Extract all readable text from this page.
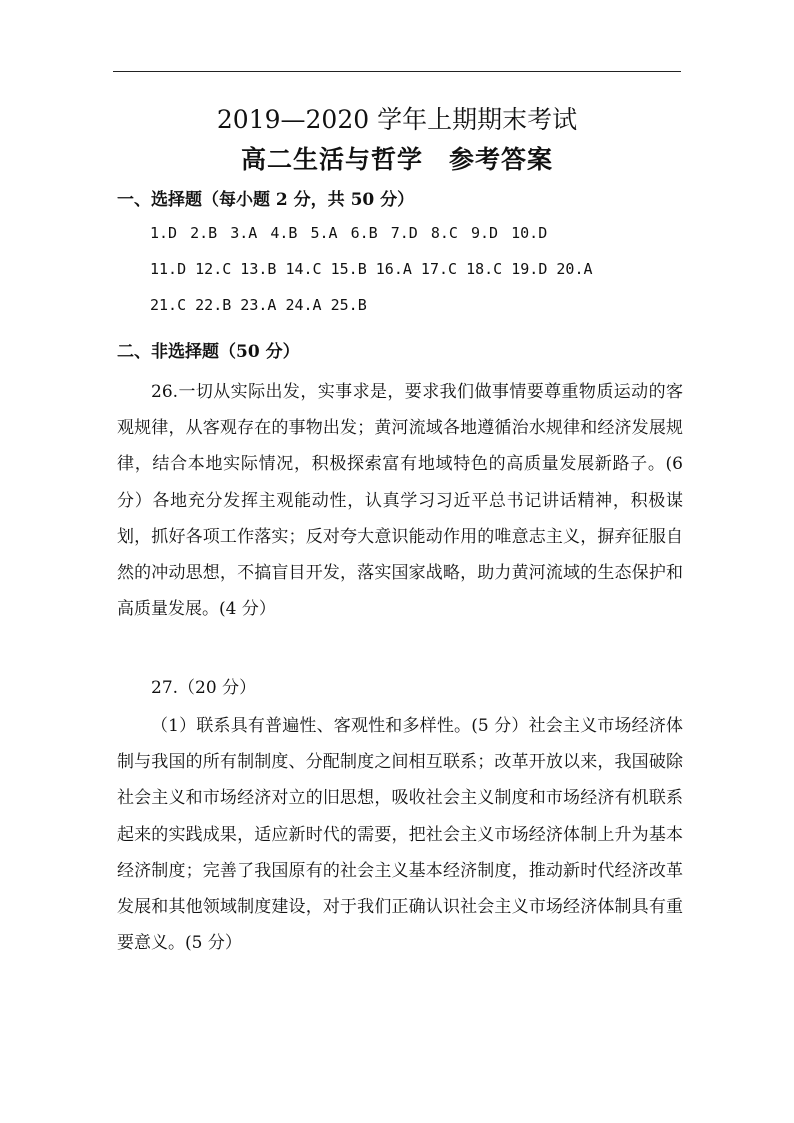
2019—2020 学年上期期末考试
高二生活与哲学　参考答案
一、选择题（每小题 2 分，共 50 分）
1.D 2.B 3.A 4.B 5.A 6.B 7.D 8.C 9.D 10.D
11.D 12.C 13.B 14.C 15.B 16.A 17.C 18.C 19.D 20.A
21.C 22.B 23.A 24.A 25.B
二、非选择题（50 分）

26.一切从实际出发，实事求是，要求我们做事情要尊重物质运动的客观规律，从客观存在的事物出发；黄河流域各地遵循治水规律和经济发展规律，结合本地实际情况，积极探索富有地域特色的高质量发展新路子。(6 分）各地充分发挥主观能动性，认真学习习近平总书记讲话精神，积极谋划，抓好各项工作落实；反对夸大意识能动作用的唯意志主义，摒弃征服自然的冲动思想，不搞盲目开发，落实国家战略，助力黄河流域的生态保护和高质量发展。(4 分）

27.（20 分）

（1）联系具有普遍性、客观性和多样性。(5 分）社会主义市场经济体制与我国的所有制制度、分配制度之间相互联系；改革开放以来，我国破除社会主义和市场经济对立的旧思想，吸收社会主义制度和市场经济有机联系起来的实践成果，适应新时代的需要，把社会主义市场经济体制上升为基本经济制度；完善了我国原有的社会主义基本经济制度，推动新时代经济改革发展和其他领域制度建设，对于我们正确认识社会主义市场经济体制具有重要意义。(5 分）
